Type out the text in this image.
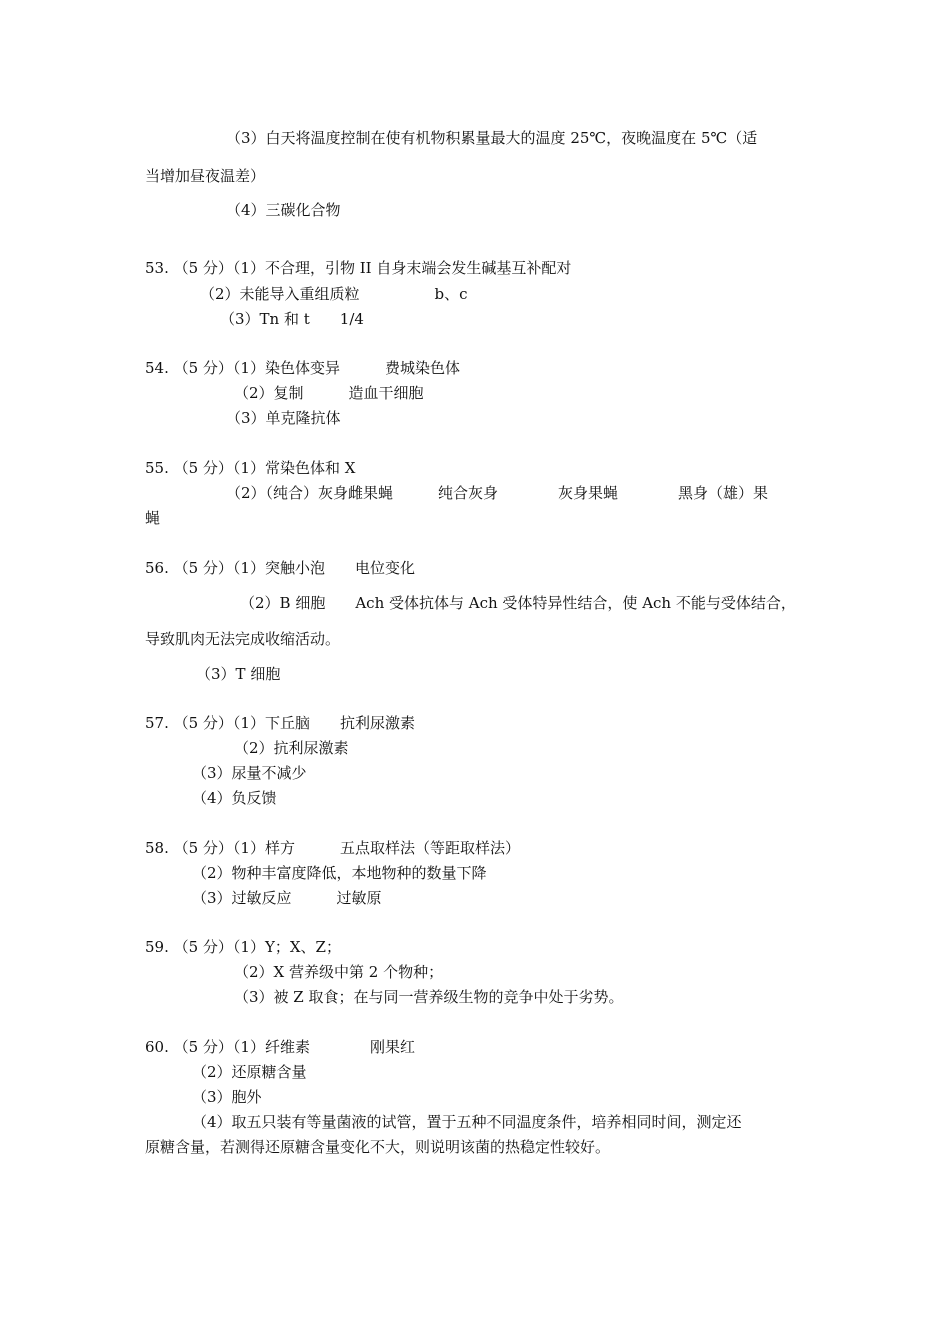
（3）白天将温度控制在使有机物积累量最大的温度 25℃，夜晚温度在 5℃（适
当增加昼夜温差）
（4）三碳化合物
53. （5 分）（1）不合理，引物 II 自身末端会发生碱基互补配对
（2）未能导入重组质粒　　　　　b、c
（3）Tn 和 t　　1/4
54. （5 分）（1）染色体变异　　　费城染色体
（2）复制　　　造血干细胞
（3）单克隆抗体
55. （5 分）（1）常染色体和 X
（2）（纯合）灰身雌果蝇　　　纯合灰身　　　　灰身果蝇　　　　黑身（雄）果
蝇
56. （5 分）（1）突触小泡　　电位变化
（2）B 细胞　　Ach 受体抗体与 Ach 受体特异性结合，使 Ach 不能与受体结合，
导致肌肉无法完成收缩活动。
（3）T 细胞
57. （5 分）（1）下丘脑　　抗利尿激素
（2）抗利尿激素
（3）尿量不减少
（4）负反馈
58. （5 分）（1）样方　　　五点取样法（等距取样法）
（2）物种丰富度降低，本地物种的数量下降
（3）过敏反应　　　过敏原
59. （5 分）（1）Y；X、Z；
（2）X 营养级中第 2 个物种；
（3）被 Z 取食；在与同一营养级生物的竞争中处于劣势。
60. （5 分）（1）纤维素　　　　刚果红
（2）还原糖含量
（3）胞外
（4）取五只装有等量菌液的试管，置于五种不同温度条件，培养相同时间，测定还
原糖含量，若测得还原糖含量变化不大，则说明该菌的热稳定性较好。
